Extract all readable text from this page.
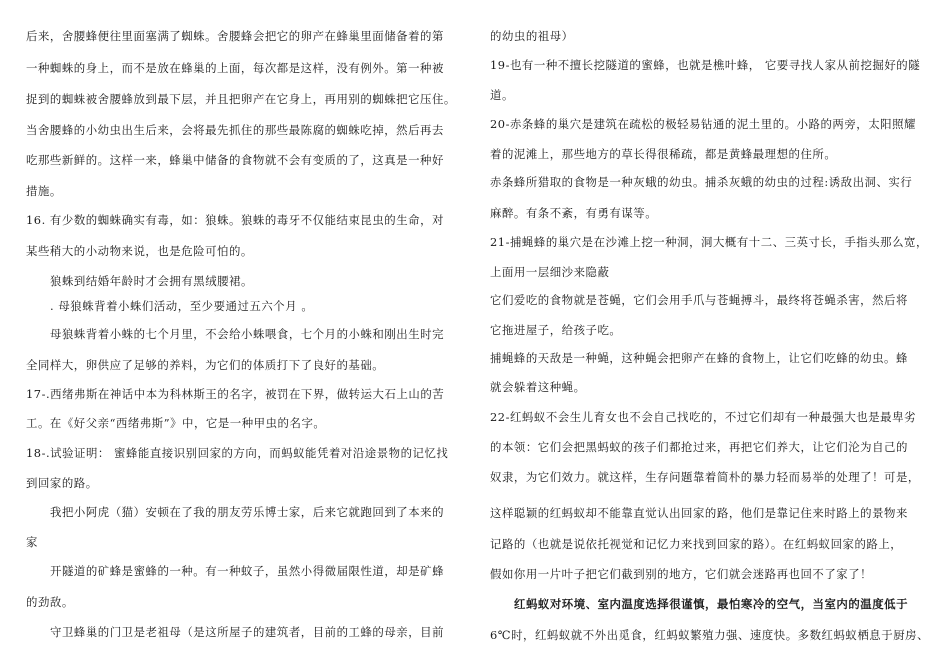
后来，舍腰蜂便往里面塞满了蜘蛛。舍腰蜂会把它的卵产在蜂巢里面储备着的第
一种蜘蛛的身上，而不是放在蜂巢的上面，每次都是这样，没有例外。第一种被
捉到的蜘蛛被舍腰蜂放到最下层，并且把卵产在它身上，再用别的蜘蛛把它压住。
当舍腰蜂的小幼虫出生后来，会将最先抓住的那些最陈腐的蜘蛛吃掉，然后再去
吃那些新鲜的。这样一来，蜂巢中储备的食物就不会有变质的了，这真是一种好
措施。
16. 有少数的蜘蛛确实有毒，如：狼蛛。狼蛛的毒牙不仅能结束昆虫的生命，对
某些稍大的小动物来说，也是危险可怕的。
狼蛛到结婚年龄时才会拥有黑绒腰裙。
. 母狼蛛背着小蛛们活动，至少要通过五六个月 。
母狼蛛背着小蛛的七个月里，不会给小蛛喂食，七个月的小蛛和刚出生时完
全同样大，卵供应了足够的养料，为它们的体质打下了良好的基础。
17-.西绪弗斯在神话中本为科林斯王的名字，被罚在下界，做转运大石上山的苦
工。在《好父亲“西绪弗斯”》中，它是一种甲虫的名字。
18-.试验证明： 蜜蜂能直接识别回家的方向，而蚂蚁能凭着对沿途景物的记忆找
到回家的路。
我把小阿虎（猫）安顿在了我的朋友劳乐博士家，后来它就跑回到了本来的
家
开隧道的矿蜂是蜜蜂的一种。有一种蚊子，虽然小得微届限性道，却是矿蜂
的劲敌。
守卫蜂巢的门卫是老祖母（是这所屋子的建筑者，目前的工蜂的母亲，目前
的幼虫的祖母）
19-也有一种不擅长挖隧道的蜜蜂，也就是樵叶蜂， 它要寻找人家从前挖掘好的隧
道。
20-赤条蜂的巢穴是建筑在疏松的极轻易钻通的泥土里的。小路的两旁，太阳照耀
着的泥滩上，那些地方的草长得很稀疏，都是黄蜂最理想的住所。
赤条蜂所猎取的食物是一种灰蛾的幼虫。捕杀灰蛾的幼虫的过程:诱敌出洞、实行
麻醉。有条不紊，有勇有谋等。
21-捕蝇蜂的巢穴是在沙滩上挖一种洞，洞大概有十二、三英寸长，手指头那么宽，
上面用一层细沙来隐蔽
它们爱吃的食物就是苍蝇，它们会用手爪与苍蝇搏斗，最终将苍蝇杀害，然后将
它拖进屋子，给孩子吃。
捕蝇蜂的天敌是一种蝇，这种蝇会把卵产在蜂的食物上，让它们吃蜂的幼虫。蜂
就会躲着这种蝇。
22-红蚂蚁不会生儿育女也不会自己找吃的，不过它们却有一种最强大也是最卑劣
的本领：它们会把黑蚂蚁的孩子们都抢过来，再把它们养大，让它们沦为自己的
奴隶，为它们效力。就这样，生存问题靠着简朴的暴力轻而易举的处理了！可是，
这样聪颖的红蚂蚁却不能靠直觉认出回家的路，他们是靠记住来时路上的景物来
记路的（也就是说依托视觉和记忆力来找到回家的路）。在红蚂蚁回家的路上，
假如你用一片叶子把它们截到别的地方，它们就会迷路再也回不了家了！
红蚂蚁对环境、室内温度选择很谨慎，最怕寒冷的空气，当室内的温度低于
6℃时，红蚂蚁就不外出觅食，红蚂蚁繁殖力强、速度快。多数红蚂蚁栖息于厨房、
